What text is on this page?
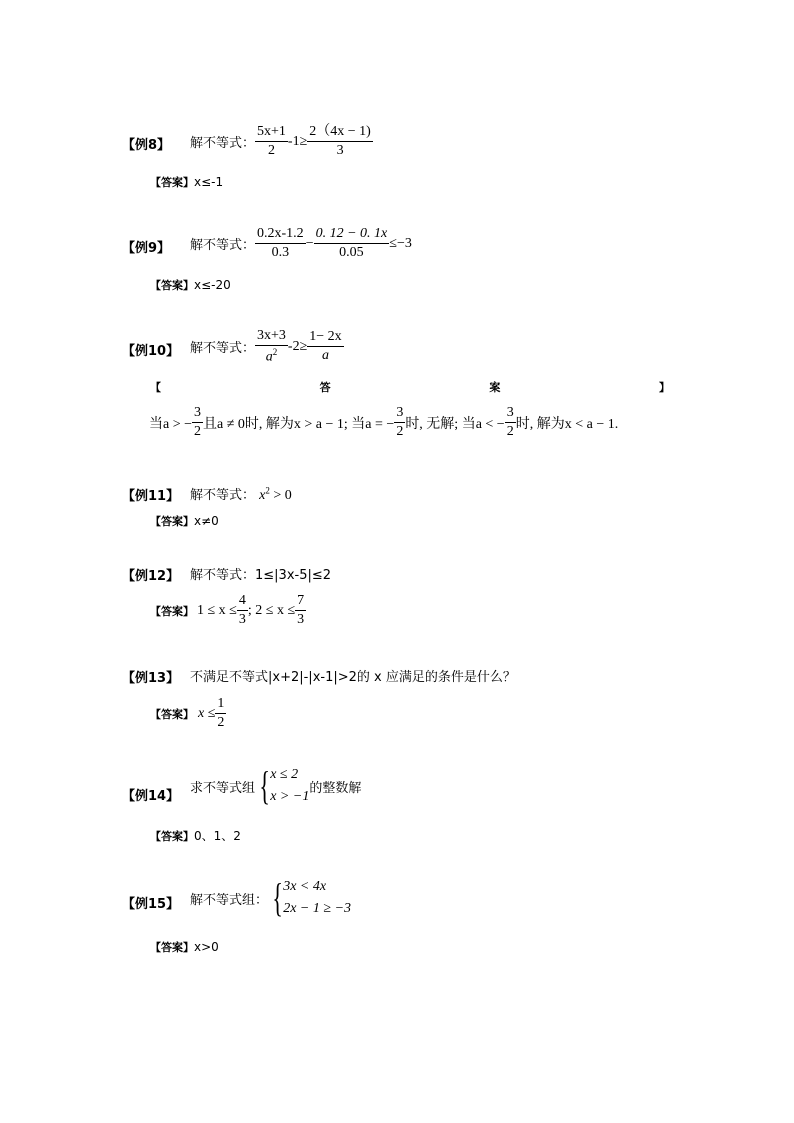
【例8】 解不等式： $\frac{5x+1}{2} -1\ge \frac{2(4x - 1)}{3}$
【答案】x≤-1
【例9】 解不等式： $\frac{0.2x-1.2}{0.3} - \frac{0. 12 - 0. 1x}{0.05} \le-3$
【答案】x≤-20
【例10】 解不等式： $\frac{3x+3}{a^2} -2\ge \frac{1- 2x}{a}$
【	答	案	】
当a > − $\frac{3}{2}$ 且a ≠ 0时, 解为x > a − 1; 当a = − $\frac{3}{2}$ 时, 无解; 当a < − $\frac{3}{2}$ 时, 解为x < a − 1.
【例11】 解不等式： $x^2 > 0$
【答案】x≠0
【例12】 解不等式：1≤|3x-5|≤2
【答案】 $1 \le x \le \frac{4}{3}$ ; $2 \le x \le \frac{7}{3}$
【例13】 不满足不等式|x+2|-|x-1|>2的 x 应满足的条件是什么？
【答案】 $x \le \frac{1}{2}$
【例14】
求不等式组 { x ≤ 2
x > −1
的整数解
【答案】0、1、2
【例15】 解不等式组： { 3x < 4x
2x − 1 ≥ −3
【答案】x>0
